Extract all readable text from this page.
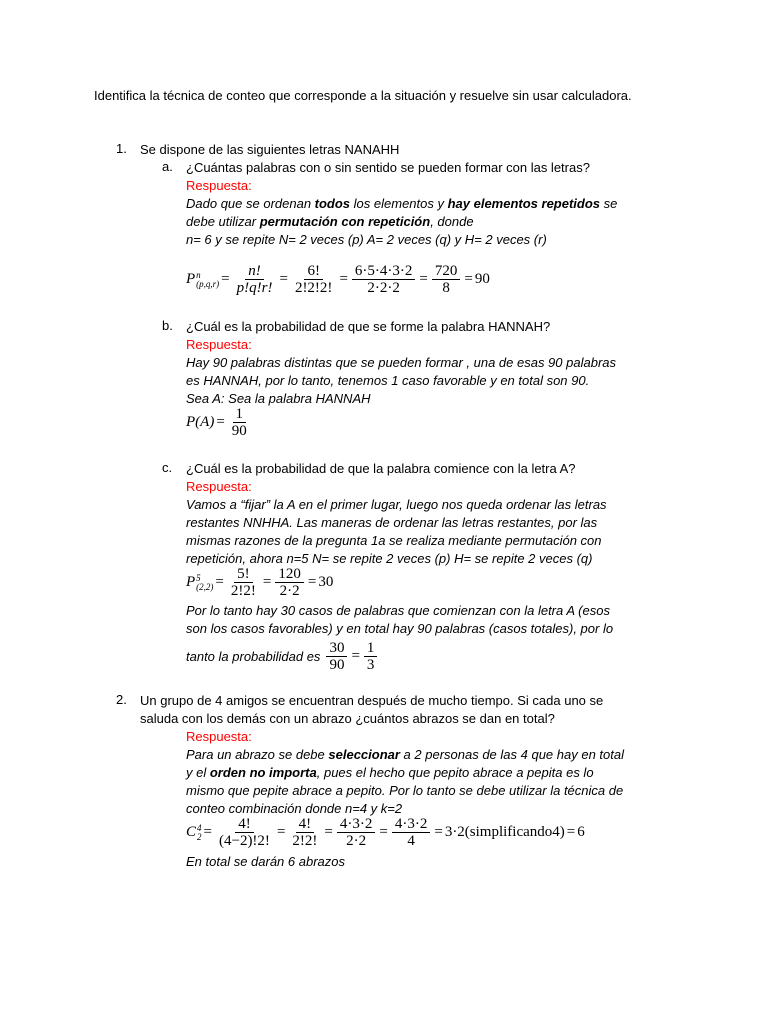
Identifica la técnica de conteo que corresponde a la situación y resuelve sin usar calculadora.
1.	Se dispone de las siguientes letras NANAHH
a.	¿Cuántas palabras con o sin sentido se pueden formar con las letras?
Respuesta:
Dado que se ordenan todos los elementos y hay elementos repetidos se
debe utilizar permutación con repetición, donde
n= 6 y se repite N= 2 veces (p) A= 2 veces (q) y H= 2 veces (r)
P n
$(p,q,r) = \frac{n!}{p!q!r!} = \frac{6!}{2!2!2!} = \frac{6\cdot 5\cdot 4\cdot 3\cdot 2}{2\cdot 2\cdot 2} = \frac{720}{8} = 90$
b.	¿Cuál es la probabilidad de que se forme la palabra HANNAH?
Respuesta:
Hay 90 palabras distintas que se pueden formar , una de esas 90 palabras
es HANNAH, por lo tanto, tenemos 1 caso favorable y en total son 90.
Sea A: Sea la palabra HANNAH
$P(A) = \frac{1}{90}$
c.	¿Cuál es la probabilidad de que la palabra comience con la letra A?
Respuesta:
Vamos a “fijar” la A en el primer lugar, luego nos queda ordenar las letras
restantes NNHHA. Las maneras de ordenar las letras restantes, por las
mismas razones de la pregunta 1a se realiza mediante permutación con
repetición, ahora n=5 N= se repite 2 veces (p) H= se repite 2 veces (q)
P 5
$(2,2) = \frac{5!}{2!2!} = \frac{120}{2\cdot 2} = 30$
Por lo tanto hay 30 casos de palabras que comienzan con la letra A (esos
son los casos favorables) y en total hay 90 palabras (casos totales), por lo
tanto la probabilidad es $\frac{30}{90} = \frac{1}{3}$
2.	Un grupo de 4 amigos se encuentran después de mucho tiempo. Si cada uno se
saluda con los demás con un abrazo ¿cuántos abrazos se dan en total?
Respuesta:
Para un abrazo se debe seleccionar a 2 personas de las 4 que hay en total
y el orden no importa, pues el hecho que pepito abrace a pepita es lo
mismo que pepite abrace a pepito. Por lo tanto se debe utilizar la técnica de
conteo combinación donde n=4 y k=2
C 4
$2 = \frac{4!}{(4-2)!2!} = \frac{4!}{2!2!} = \frac{4\cdot 3\cdot 2}{2\cdot 2} = \frac{4\cdot 3\cdot 2}{4}$ = 3·2(simplificando4) = 6
En total se darán 6 abrazos
